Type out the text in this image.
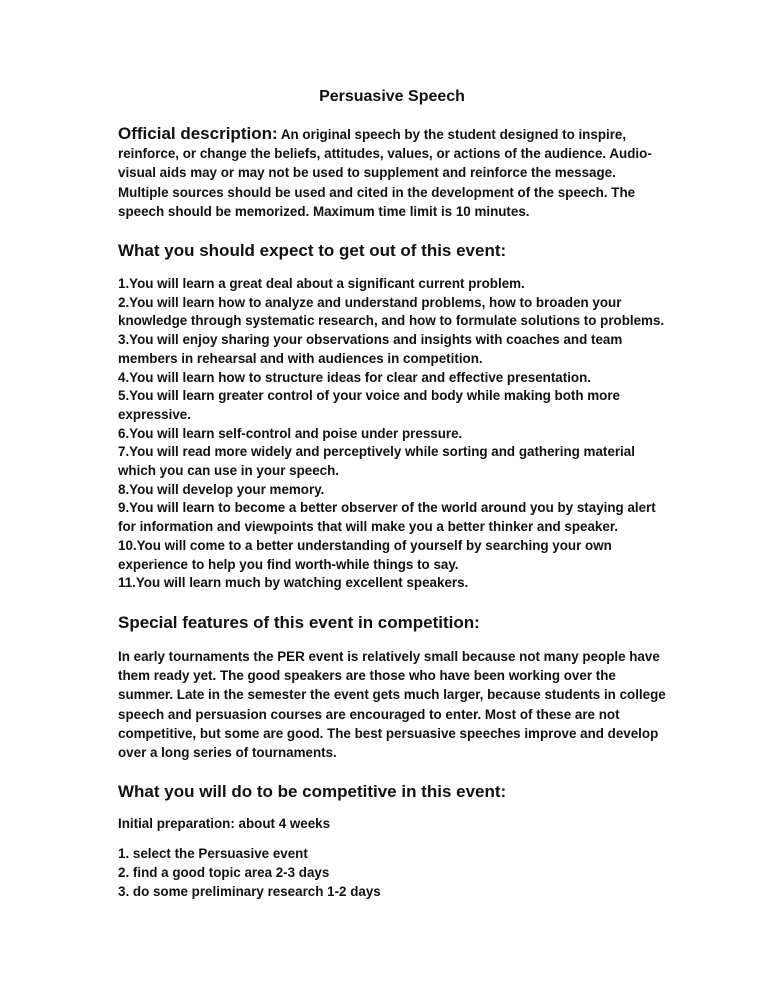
Persuasive Speech

Official description: An original speech by the student designed to inspire, reinforce, or change the beliefs, attitudes, values, or actions of the audience. Audio-visual aids may or may not be used to supplement and reinforce the message. Multiple sources should be used and cited in the development of the speech. The speech should be memorized. Maximum time limit is 10 minutes.

What you should expect to get out of this event:
1.You will learn a great deal about a significant current problem.
2.You will learn how to analyze and understand problems, how to broaden your knowledge through systematic research, and how to formulate solutions to problems.
3.You will enjoy sharing your observations and insights with coaches and team members in rehearsal and with audiences in competition.
4.You will learn how to structure ideas for clear and effective presentation.
5.You will learn greater control of your voice and body while making both more expressive.
6.You will learn self-control and poise under pressure.
7.You will read more widely and perceptively while sorting and gathering material which you can use in your speech.
8.You will develop your memory.
9.You will learn to become a better observer of the world around you by staying alert for information and viewpoints that will make you a better thinker and speaker.
10.You will come to a better understanding of yourself by searching your own experience to help you find worth-while things to say.
11.You will learn much by watching excellent speakers.
Special features of this event in competition:

In early tournaments the PER event is relatively small because not many people have them ready yet. The good speakers are those who have been working over the summer. Late in the semester the event gets much larger, because students in college speech and persuasion courses are encouraged to enter. Most of these are not competitive, but some are good. The best persuasive speeches improve and develop over a long series of tournaments.

What you will do to be competitive in this event:

Initial preparation: about 4 weeks

1. select the Persuasive event
2. find a good topic area 2-3 days
3. do some preliminary research 1-2 days
